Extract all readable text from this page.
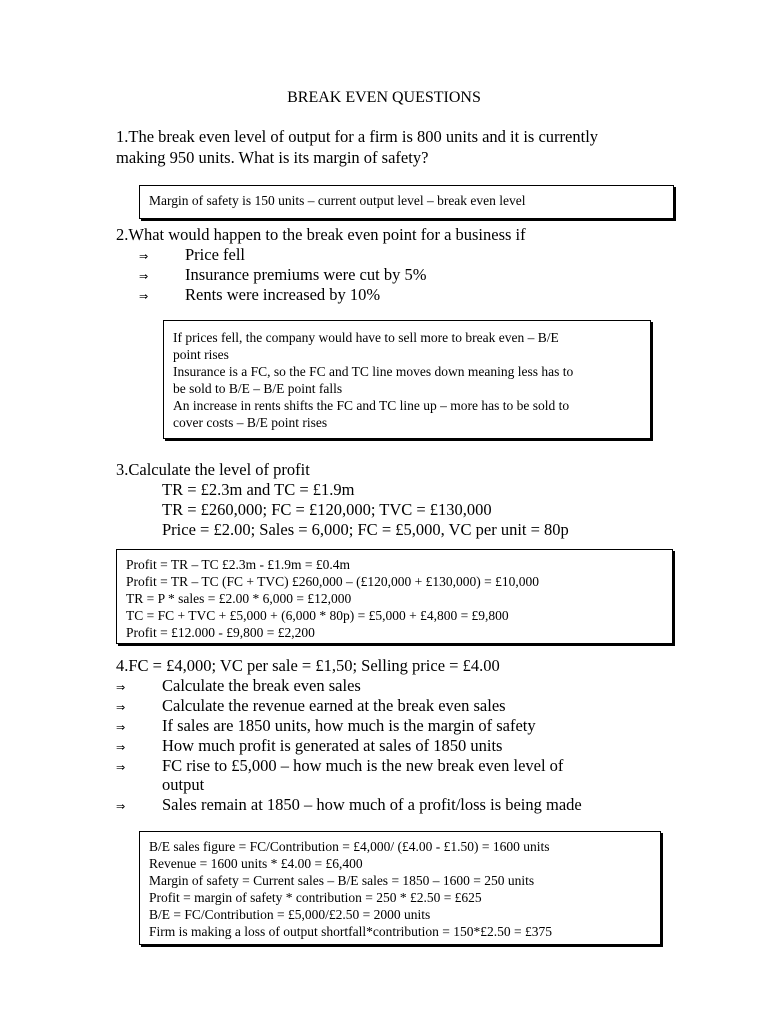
BREAK EVEN QUESTIONS
1.The break even level of output for a firm is 800 units and it is currently
making 950 units. What is its margin of safety?
Margin of safety is 150 units – current output level – break even level
2.What would happen to the break even point for a business if
⇒ Price fell
⇒ Insurance premiums were cut by 5%
⇒ Rents were increased by 10%
If prices fell, the company would have to sell more to break even – B/E
point rises
Insurance is a FC, so the FC and TC line moves down meaning less has to
be sold to B/E – B/E point falls
An increase in rents shifts the FC and TC line up – more has to be sold to
cover costs – B/E point rises
3.Calculate the level of profit
TR = £2.3m and TC = £1.9m
TR = £260,000; FC = £120,000; TVC = £130,000
Price = £2.00; Sales = 6,000; FC = £5,000, VC per unit = 80p
Profit = TR – TC £2.3m - £1.9m = £0.4m
Profit = TR – TC (FC + TVC) £260,000 – (£120,000 + £130,000) = £10,000
TR = P * sales = £2.00 * 6,000 = £12,000
TC = FC + TVC + £5,000 + (6,000 * 80p) = £5,000 + £4,800 = £9,800
Profit = £12.000 - £9,800 = £2,200
4.FC = £4,000; VC per sale = £1,50; Selling price = £4.00
⇒ Calculate the break even sales
⇒ Calculate the revenue earned at the break even sales
⇒ If sales are 1850 units, how much is the margin of safety
⇒ How much profit is generated at sales of 1850 units
⇒ FC rise to £5,000 – how much is the new break even level of
output
⇒ Sales remain at 1850 – how much of a profit/loss is being made
B/E sales figure = FC/Contribution = £4,000/ (£4.00 - £1.50) = 1600 units
Revenue = 1600 units * £4.00 = £6,400
Margin of safety = Current sales – B/E sales = 1850 – 1600 = 250 units
Profit = margin of safety * contribution = 250 * £2.50 = £625
B/E = FC/Contribution = £5,000/£2.50 = 2000 units
Firm is making a loss of output shortfall*contribution = 150*£2.50 = £375
